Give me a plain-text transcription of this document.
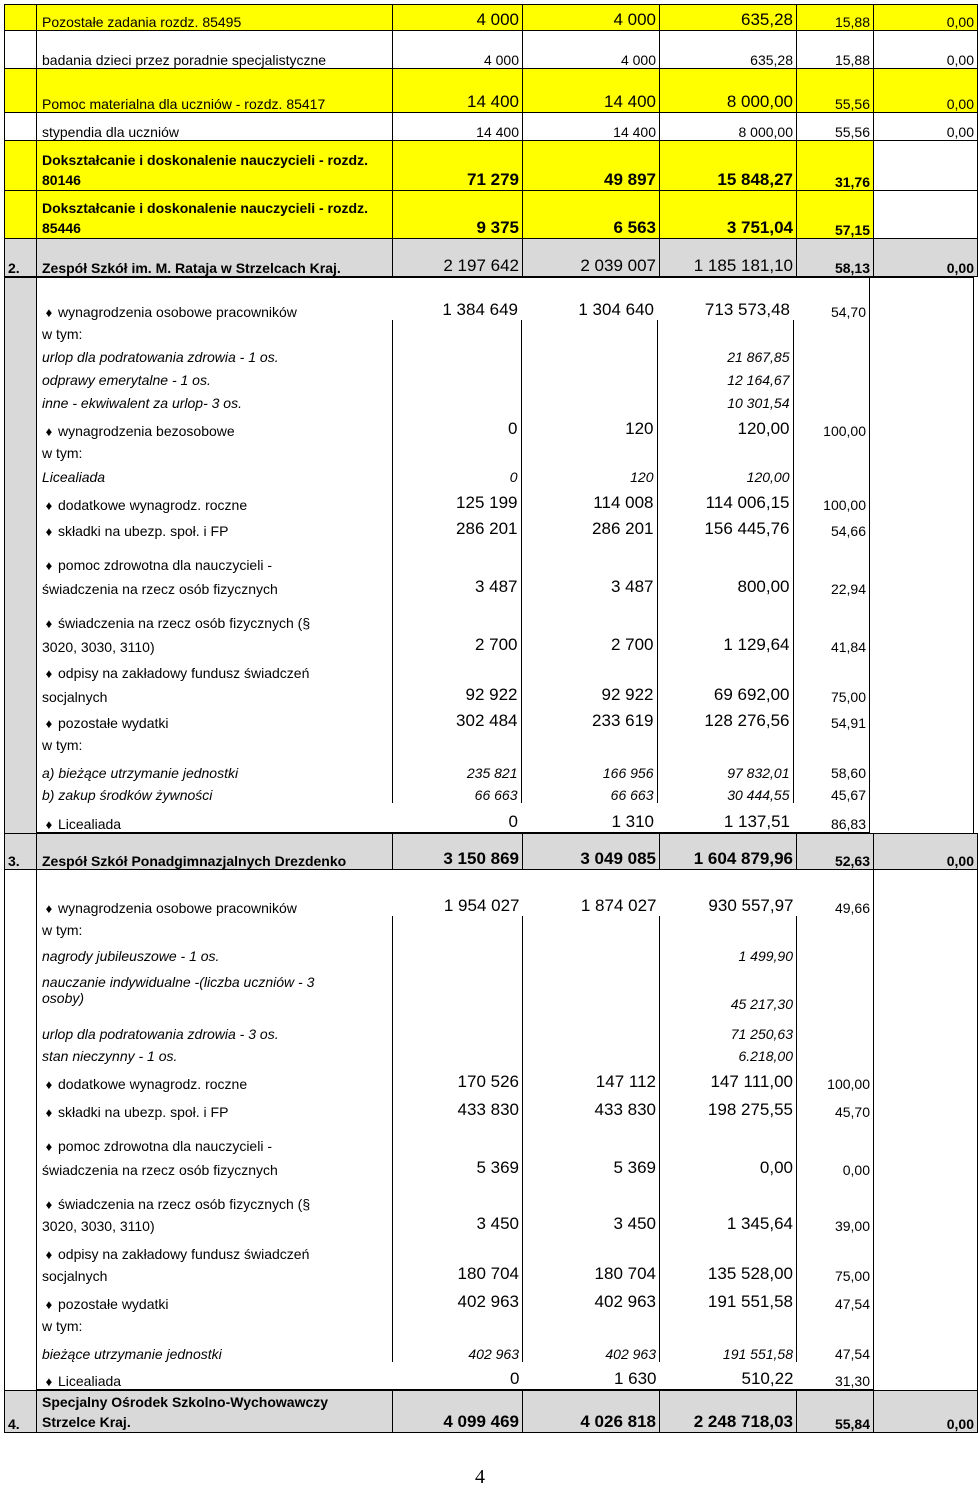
	Pozostałe zadania rozdz. 85495	4 000	4 000	635,28	15,88	0,00
	badania dzieci przez poradnie specjalistyczne	4 000	4 000	635,28	15,88	0,00
	Pomoc materialna dla uczniów - rozdz. 85417	14 400	14 400	8 000,00	55,56	0,00
	stypendia dla uczniów	14 400	14 400	8 000,00	55,56	0,00
	Dokształcanie i doskonalenie nauczycieli - rozdz. 80146	71 279	49 897	15 848,27	31,76	
	Dokształcanie i doskonalenie nauczycieli - rozdz. 85446	9 375	6 563	3 751,04	57,15	
2.	Zespół Szkół im. M. Rataja w Strzelcach Kraj.	2 197 642	2 039 007	1 185 181,10	58,13	0,00
	♦ wynagrodzenia osobowe pracowników	1 384 649	1 304 640	713 573,48	54,70	
	w tym:					
	urlop dla podratowania zdrowia - 1 os.			21 867,85		
	odprawy emerytalne - 1 os.			12 164,67		
	inne - ekwiwalent za urlop- 3 os.			10 301,54		
	♦ wynagrodzenia bezosobowe	0	120	120,00	100,00	
	w tym:					
	Licealiada	0	120	120,00		
	♦ dodatkowe wynagrodz. roczne	125 199	114 008	114 006,15	100,00	
	♦ składki na ubezp. społ. i FP	286 201	286 201	156 445,76	54,66	
	♦ pomoc zdrowotna dla nauczycieli -					
	świadczenia na rzecz osób fizycznych	3 487	3 487	800,00	22,94	
	♦ świadczenia na rzecz osób fizycznych (§					
	3020, 3030, 3110)	2 700	2 700	1 129,64	41,84	
	♦ odpisy na zakładowy fundusz świadczeń					
	socjalnych	92 922	92 922	69 692,00	75,00	
	♦ pozostałe wydatki	302 484	233 619	128 276,56	54,91	
	w tym:					
	a) bieżące utrzymanie jednostki	235 821	166 956	97 832,01	58,60	
	b) zakup środków żywności	66 663	66 663	30 444,55	45,67	
	♦ Licealiada	0	1 310	1 137,51	86,83	

3.	Zespół Szkół Ponadgimnazjalnych Drezdenko	3 150 869	3 049 085	1 604 879,96	52,63	0,00
	♦ wynagrodzenia osobowe pracowników	1 954 027	1 874 027	930 557,97	49,66	
	w tym:					
	nagrody jubileuszowe - 1 os.			1 499,90		
	nauczanie indywidualne -(liczba uczniów - 3					
	osoby)			45 217,30		
	urlop dla podratowania zdrowia - 3 os.			71 250,63		
	stan nieczynny - 1 os.			6.218,00		
	♦ dodatkowe wynagrodz. roczne	170 526	147 112	147 111,00	100,00	
	♦ składki na ubezp. społ. i FP	433 830	433 830	198 275,55	45,70	
	♦ pomoc zdrowotna dla nauczycieli -					
	świadczenia na rzecz osób fizycznych	5 369	5 369	0,00	0,00	
	♦ świadczenia na rzecz osób fizycznych (§					
	3020, 3030, 3110)	3 450	3 450	1 345,64	39,00	
	♦ odpisy na zakładowy fundusz świadczeń					
	socjalnych	180 704	180 704	135 528,00	75,00	
	♦ pozostałe wydatki	402 963	402 963	191 551,58	47,54	
	w tym:					
	bieżące utrzymanie jednostki	402 963	402 963	191 551,58	47,54	
	♦ Licealiada	0	1 630	510,22	31,30	

4.	Specjalny Ośrodek Szkolno-Wychowawczy
Strzelce Kraj.	4 099 469	4 026 818	2 248 718,03	55,84	0,00
4
